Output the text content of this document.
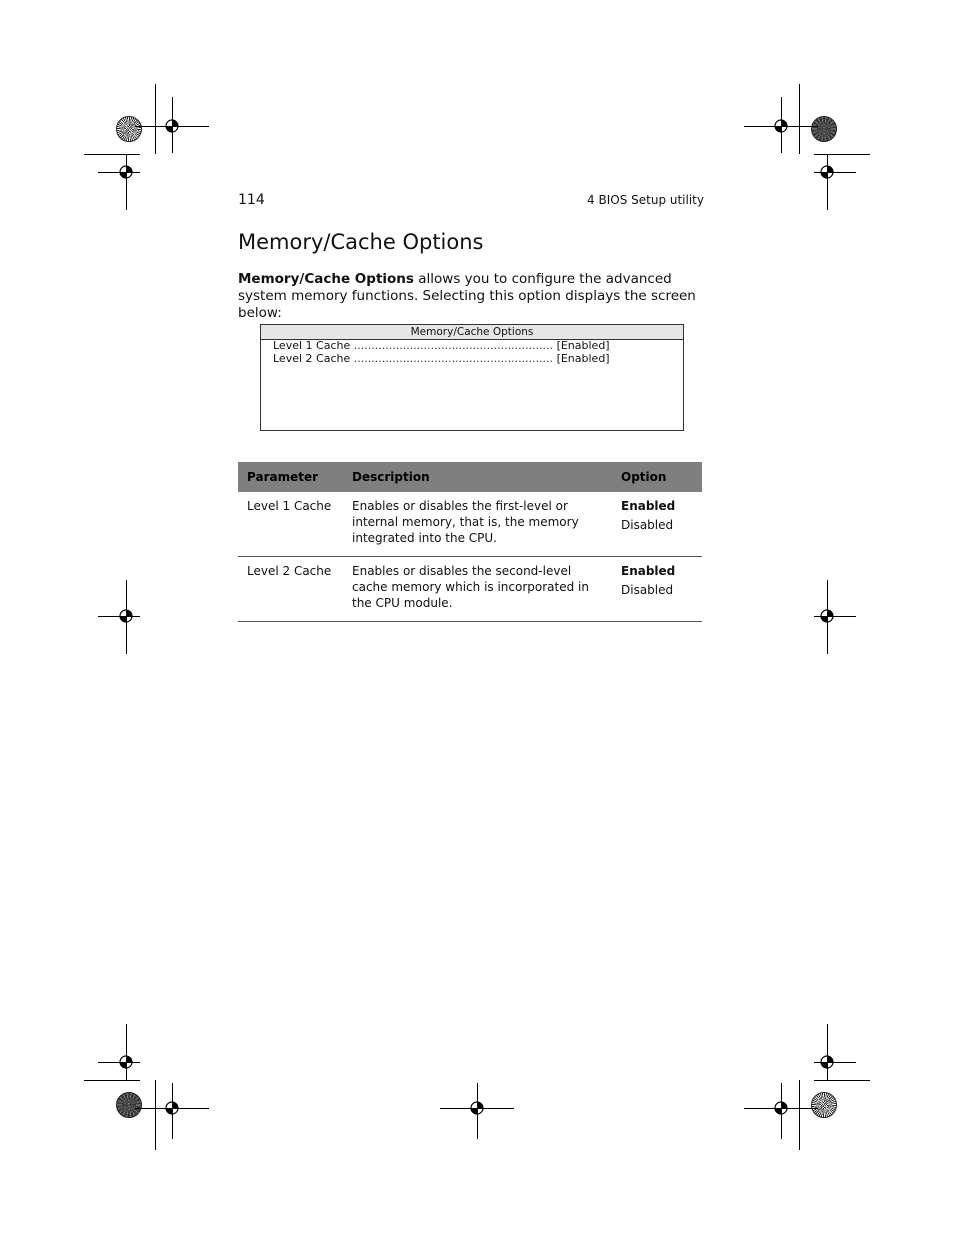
114	4 BIOS Setup utility
Memory/Cache Options

Memory/Cache Options allows you to configure the advanced system memory functions. Selecting this option displays the screen below:

Memory/Cache Options
Level 1 Cache ......................................................... [Enabled]
Level 2 Cache ......................................................... [Enabled]
Parameter	Description	Option
Level 1 Cache	Enables or disables the first-level or internal memory, that is, the memory integrated into the CPU.	Enabled
Disabled

Level 2 Cache	Enables or disables the second-level cache memory which is incorporated in the CPU module.	Enabled
Disabled
